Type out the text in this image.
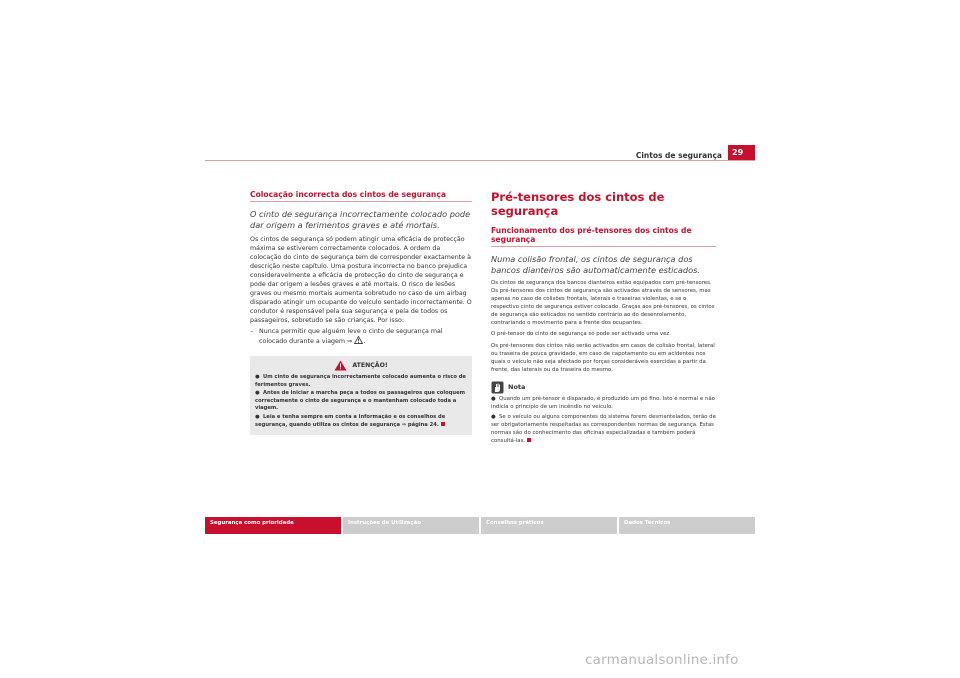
Cintos de segurança	29
Colocação incorrecta dos cintos de segurança
O cinto de segurança incorrectamente colocado pode dar origem a ferimentos graves e até mortais.

Os cintos de segurança só podem atingir uma eficácia de protecção máxima se estiverem correctamente colocados. A ordem da colocação do cinto de segurança tem de corresponder exactamente à descrição neste capítulo. Uma postura incorrecta no banco prejudica consideravelmente a eficácia de protecção do cinto de segurança e pode dar origem a lesões graves e até mortais. O risco de lesões graves ou mesmo mortais aumenta sobretudo no caso de um airbag disparado atingir um ocupante do veículo sentado incorrectamente. O condutor é responsável pela sua segurança e pela de todos os passageiros, sobretudo se são crianças. Por isso:

– Nunca permitir que alguém leve o cinto de segurança mal colocado durante a viagem ⇒ .
ATENÇÃO!
● Um cinto de segurança incorrectamente colocado aumenta o risco de ferimentos graves.
● Antes de iniciar a marcha peça a todos os passageiros que coloquem correctamente o cinto de segurança e o mantenham colocado toda a viagem.
● Leia e tenha sempre em conta a informação e os conselhos de segurança, quando utiliza os cintos de segurança ⇒ página 24.
Pré-tensores dos cintos de segurança
Funcionamento dos pré-tensores dos cintos de segurança
Numa colisão frontal, os cintos de segurança dos bancos dianteiros são automaticamente esticados.

Os cintos de segurança dos bancos dianteiros estão equipados com pré-tensores. Os pré-tensores dos cintos de segurança são activados através de sensores, mas apenas no caso de colisões frontais, laterais e traseiras violentas, e se o respectivo cinto de segurança estiver colocado. Graças aos pré-tensores, os cintos de segurança são esticados no sentido contrário ao do desenrolamento, contrariando o movimento para a frente dos ocupantes.

O pré-tensor do cinto de segurança só pode ser activado uma vez.

Os pré-tensores dos cintos não serão activados em casos de colisão frontal, lateral ou traseira de pouca gravidade, em caso de capotamento ou em acidentes nos quais o veículo não seja afectado por forças consideráveis exercidas a partir da frente, das laterais ou da traseira do mesmo.

Nota
● Quando um pré-tensor é disparado, é produzido um pó fino. Isto é normal e não indicia o princípio de um incêndio no veículo.
● Se o veículo ou alguns componentes do sistema forem desmantelados, terão de ser obrigatoriamente respeitadas as correspondentes normas de segurança. Estas normas são do conhecimento das oficinas especializadas e também poderá consultá-las.
Segurança como prioridade	Instruções de Utilização	Conselhos práticos	Dados Técnicos
carmanualsonline.info
